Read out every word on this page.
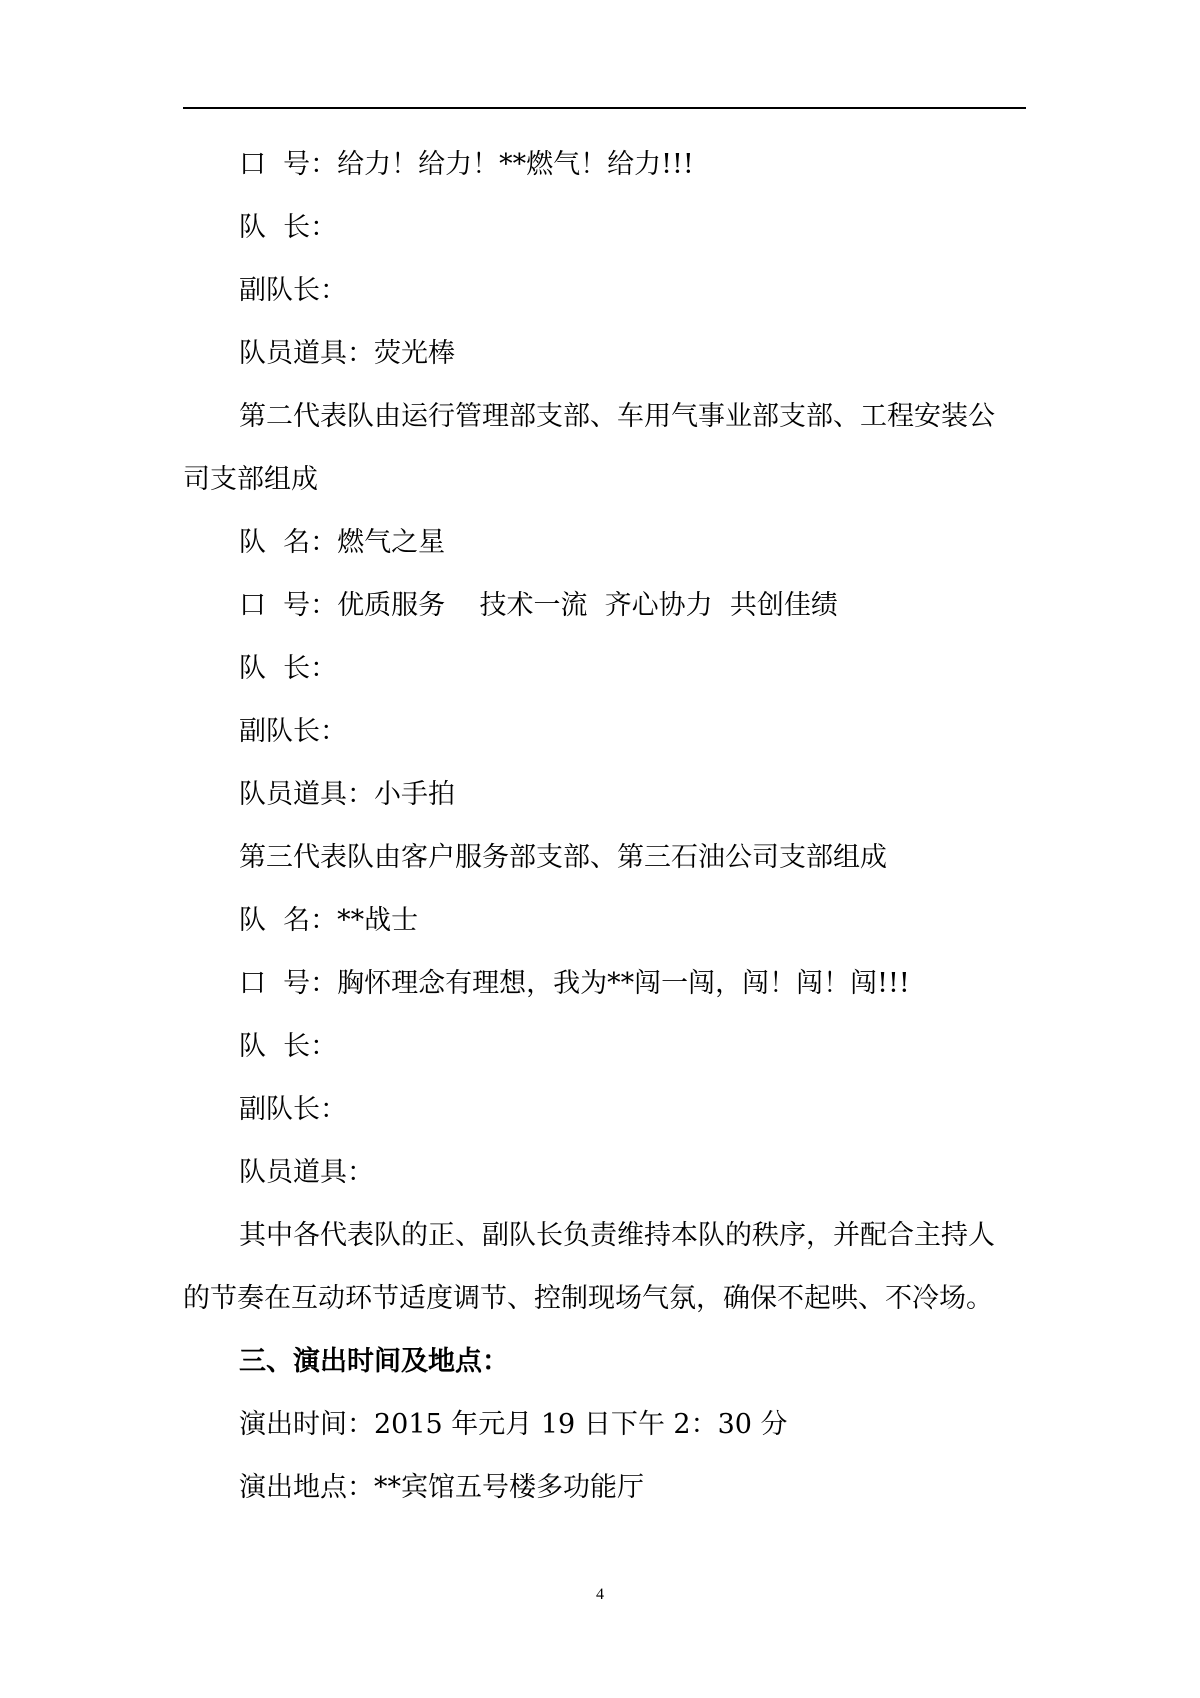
口  号：给力！给力！**燃气！给力!!!

队  长：

副队长：

队员道具：荧光棒

第二代表队由运行管理部支部、车用气事业部支部、工程安装公

司支部组成

队  名：燃气之星

口  号：优质服务    技术一流  齐心协力  共创佳绩

队  长：

副队长：

队员道具：小手拍

第三代表队由客户服务部支部、第三石油公司支部组成

队  名：**战士

口  号：胸怀理念有理想，我为**闯一闯，闯！闯！闯!!!

队  长：

副队长：

队员道具：

其中各代表队的正、副队长负责维持本队的秩序，并配合主持人

的节奏在互动环节适度调节、控制现场气氛，确保不起哄、不冷场。

三、演出时间及地点：

演出时间：2015 年元月 19 日下午 2：30 分

演出地点：**宾馆五号楼多功能厅

4
